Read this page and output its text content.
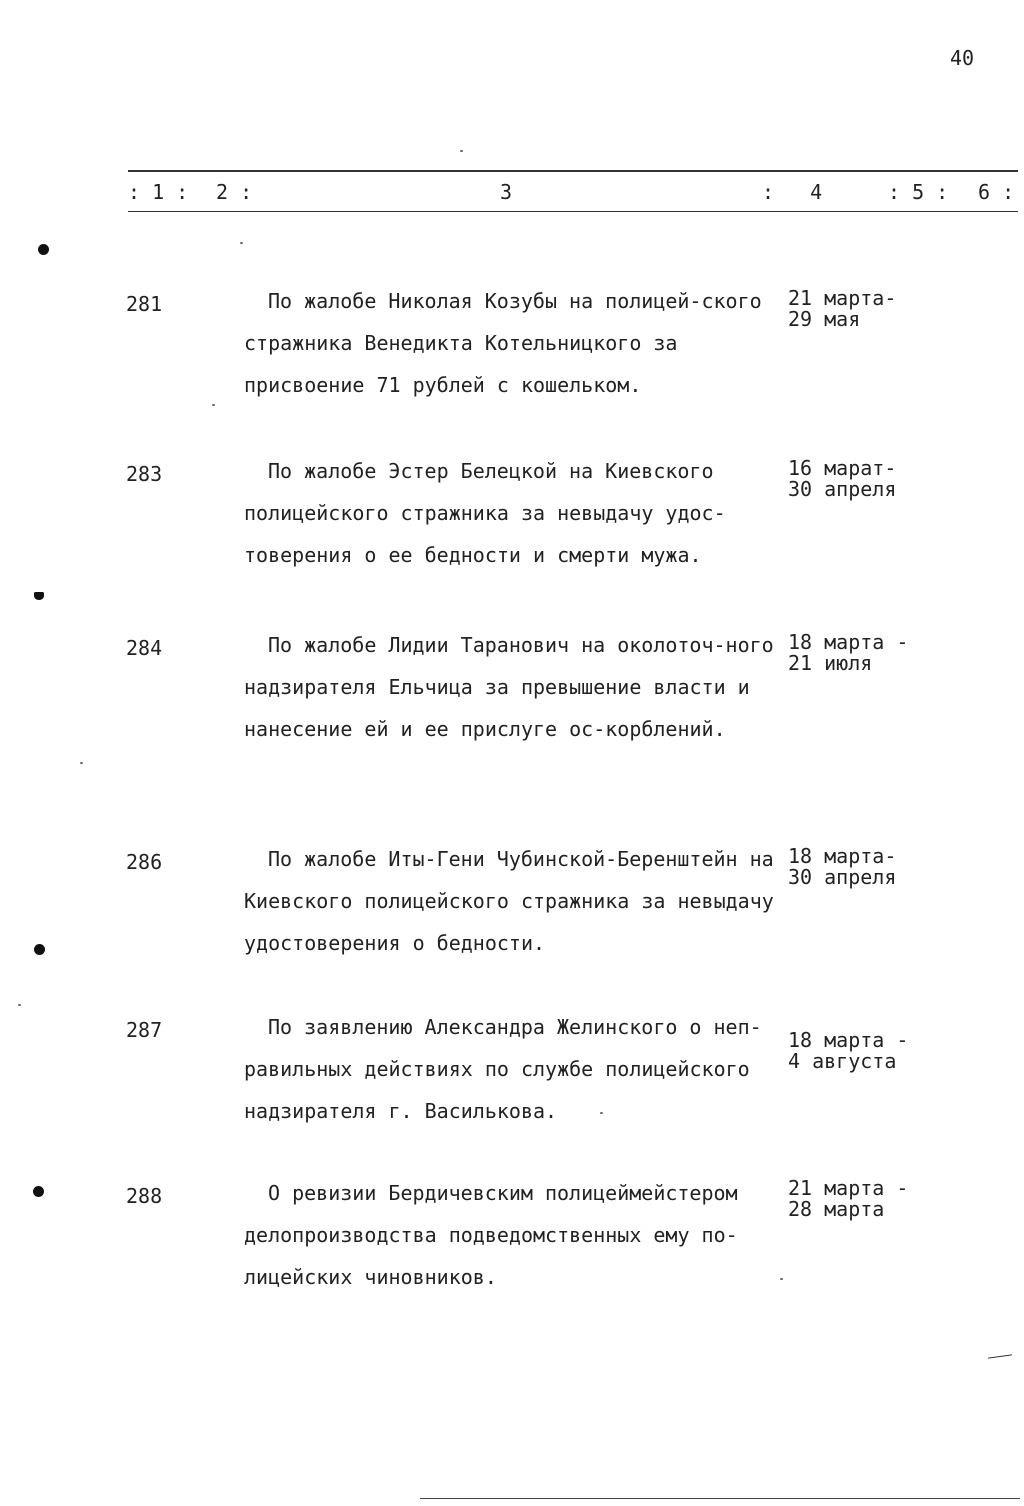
40
: 1 : 2 :	3	:   4	: 5 : 6 :
281	По жалобе Николая Козубы на полицей-ского стражника Венедикта Котельницкого за присвоение 71 рублей с кошельком.
21 марта-
29 мая
283	По жалобе Эстер Белецкой на Киевского полицейского стражника за невыдачу удос-товерения о ее бедности и смерти мужа.
16 марат-
30 апреля
284	По жалобе Лидии Таранович на околоточ-ного надзирателя Ельчица за превышение власти и нанесение ей и ее прислуге ос-корблений.
18 марта -
21 июля
286	По жалобе Иты-Гени Чубинской-Беренштейн на Киевского полицейского стражника за невыдачу удостоверения о бедности.
18 марта-
30 апреля
287	По заявлению Александра Желинского о неп-равильных действиях по службе полицейского надзирателя г. Василькова.
18 марта -
4 августа
288	О ревизии Бердичевским полицеймейстером делопроизводства подведомственных ему по-лицейских чиновников.
21 марта -
28 марта
